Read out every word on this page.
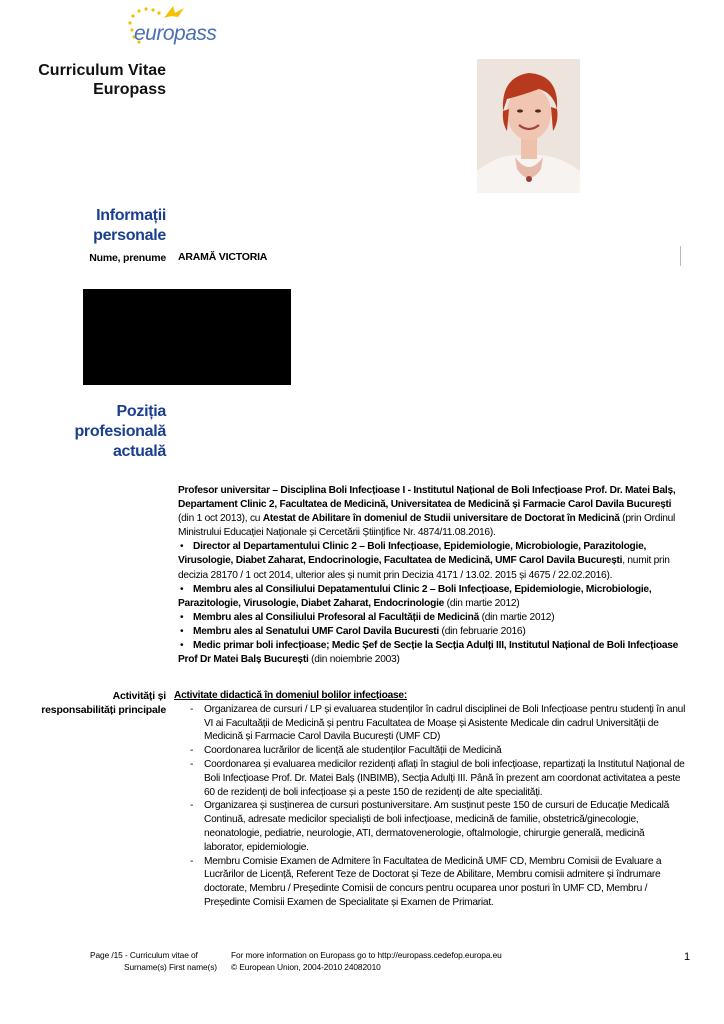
europass
Curriculum Vitae
Europass
Informații
personale
Nume, prenume ARAMĂ VICTORIA
Poziția
profesională
actuală

Profesor universitar – Disciplina Boli Infecțioase I - Institutul Național de Boli Infecțioase Prof. Dr. Matei Balș, Departament Clinic 2, Facultatea de Medicină, Universitatea de Medicină și Farmacie Carol Davila București (din 1 oct 2013), cu Atestat de Abilitare în domeniul de Studii universitare de Doctorat în Medicină (prin Ordinul Ministrului Educației Naționale și Cercetării Științifice Nr. 4874/11.08.2016).

• Director al Departamentului Clinic 2 – Boli Infecțioase, Epidemiologie, Microbiologie, Parazitologie, Virusologie, Diabet Zaharat, Endocrinologie, Facultatea de Medicină, UMF Carol Davila București, numit prin decizia 28170 / 1 oct 2014, ulterior ales și numit prin Decizia 4171 / 13.02. 2015 și 4675 / 22.02.2016).

• Membru ales al Consiliului Depatamentului Clinic 2 – Boli Infecțioase, Epidemiologie, Microbiologie, Parazitologie, Virusologie, Diabet Zaharat, Endocrinologie (din martie 2012)

• Membru ales al Consiliului Profesoral al Facultății de Medicină (din martie 2012)

• Membru ales al Senatului UMF Carol Davila Bucuresti (din februarie 2016)

• Medic primar boli infecțioase; Medic Șef de Secție la Secția Adulți III, Institutul Național de Boli Infecțioase Prof Dr Matei Balș București (din noiembrie 2003)

Activități și
responsabilități principale
Activitate didactică în domeniul bolilor infecțioase:
- Organizarea de cursuri / LP și evaluarea studenților în cadrul disciplinei de Boli Infecțioase pentru studenți în anul VI ai Facultaății de Medicină și pentru Facultatea de Moașe și Asistente Medicale din cadrul Universității de Medicină și Farmacie Carol Davila București (UMF CD)
- Coordonarea lucrărilor de licență ale studenților Facultății de Medicină
- Coordonarea și evaluarea medicilor rezidenți aflați în stagiul de boli infecțioase, repartizați la Institutul Național de Boli Infecțioase Prof. Dr. Matei Balș (INBIMB), Secția Adulți III. Până în prezent am coordonat activitatea a peste 60 de rezidenți de boli infecțioase și a peste 150 de rezidenți de alte specialități.
- Organizarea și susținerea de cursuri postuniversitare. Am susținut peste 150 de cursuri de Educație Medicală Continuă, adresate medicilor specialiști de boli infecțioase, medicină de familie, obstetrică/ginecologie, neonatologie, pediatrie, neurologie, ATI, dermatovenerologie, oftalmologie, chirurgie generală, medicină laborator, epidemiologie.
- Membru Comisie Examen de Admitere în Facultatea de Medicină UMF CD, Membru Comisii de Evaluare a Lucrărilor de Licență, Referent Teze de Doctorat și Teze de Abilitare, Membru comisii admitere și îndrumare doctorate, Membru / Președinte Comisii de concurs pentru ocuparea unor posturi în UMF CD, Membru / Președinte Comisii Examen de Specialitate și Examen de Primariat.
Page /15 - Curriculum vitae of
Surname(s) First name(s)
For more information on Europass go to http://europass.cedefop.europa.eu
© European Union, 2004-2010 24082010
1
